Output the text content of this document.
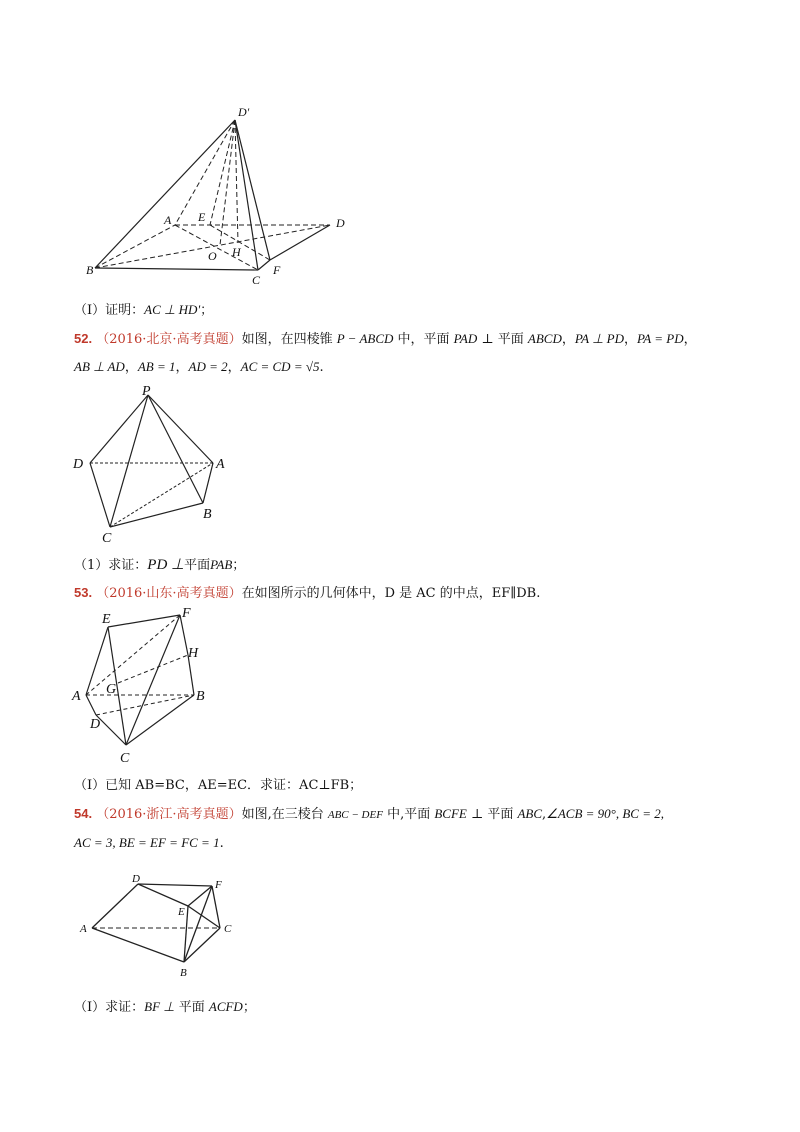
D'
A E
O H
C
F
B
D
（Ⅰ）证明：AC ⊥ HD'；
52. （2016·北京·高考真题）如图，在四棱锥 P − ABCD 中，平面 PAD ⊥ 平面 ABCD，PA ⊥ PD，PA = PD，
AB ⊥ AD，AB = 1，AD = 2，AC = CD = √5.
P
D	A
B
C
（1）求证：PD ⊥平面PAB；
53. （2016·山东·高考真题）在如图所示的几何体中，D 是 AC 的中点，EF∥DB.
E	F
H
A G	B
D
C
（Ⅰ）已知 AB=BC，AE=EC．求证：AC⊥FB；
54. （2016·浙江·高考真题）如图,在三棱台 ABC − DEF 中,平面 BCFE ⊥ 平面 ABC,∠ACB = 90°, BC = 2,
AC = 3, BE = EF = FC = 1.
D	F
E
A	C
B
（Ⅰ）求证：BF ⊥ 平面 ACFD；
